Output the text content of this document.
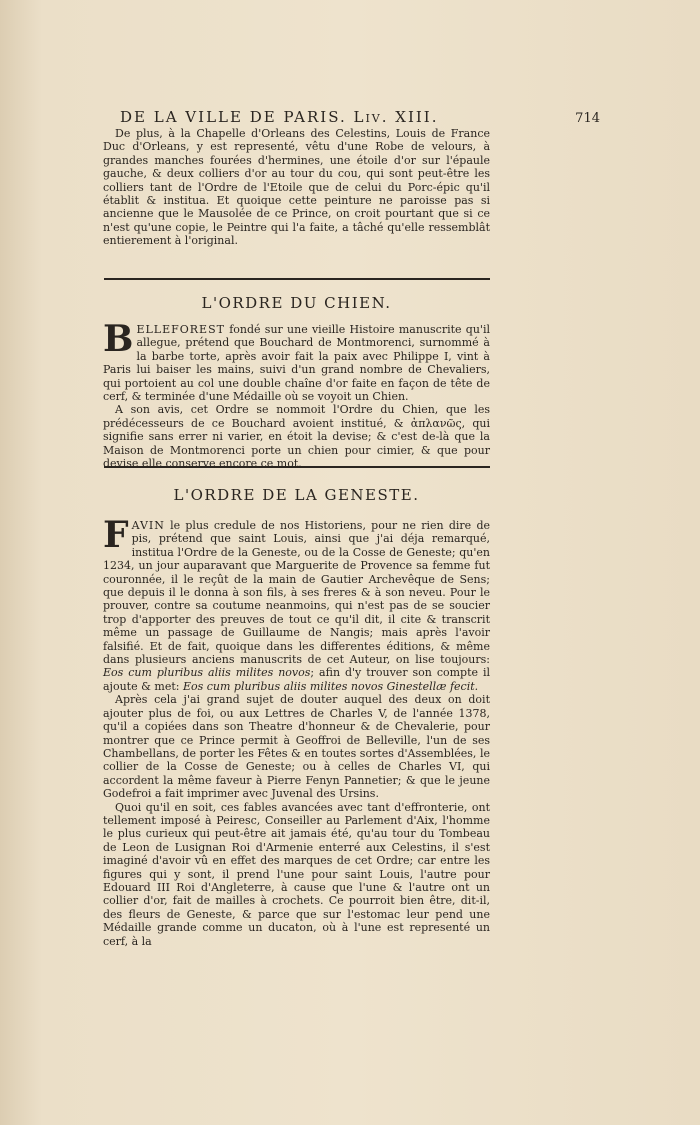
DE LA VILLE DE PARIS. Liv. XIII.	714

De plus, à la Chapelle d'Orleans des Celestins, Louis de France Duc d'Orleans, y est representé, vêtu d'une Robe de velours, à grandes manches fourées d'hermines, une étoile d'or sur l'épaule gauche, & deux colliers d'or au tour du cou, qui sont peut-être les colliers tant de l'Ordre de l'Etoile que de celui du Porc-épic qu'il établit & institua. Et quoique cette peinture ne paroisse pas si ancienne que le Mausolée de ce Prince, on croit pourtant que si ce n'est qu'une copie, le Peintre qui l'a faite, a tâché qu'elle ressemblât entierement à l'original.

L'ORDRE DU CHIEN.

BELLEFOREST fondé sur une vieille Histoire manuscrite qu'il allegue, prétend que Bouchard de Montmorenci, surnommé à la barbe torte, après avoir fait la paix avec Philippe I, vint à Paris lui baiser les mains, suivi d'un grand nombre de Chevaliers, qui portoient au col une double chaîne d'or faite en façon de tête de cerf, & terminée d'une Médaille où se voyoit un Chien.

A son avis, cet Ordre se nommoit l'Ordre du Chien, que les prédécesseurs de ce Bouchard avoient institué, & ἀπλανῶς, qui signifie sans errer ni varier, en étoit la devise; & c'est de-là que la Maison de Montmorenci porte un chien pour cimier, & que pour devise elle conserve encore ce mot.

L'ORDRE DE LA GENESTE.

FAVIN le plus credule de nos Historiens, pour ne rien dire de pis, prétend que saint Louis, ainsi que j'ai déja remarqué, institua l'Ordre de la Geneste, ou de la Cosse de Geneste; qu'en 1234, un jour auparavant que Marguerite de Provence sa femme fut couronnée, il le reçût de la main de Gautier Archevêque de Sens; que depuis il le donna à son fils, à ses freres & à son neveu. Pour le prouver, contre sa coutume neanmoins, qui n'est pas de se soucier trop d'apporter des preuves de tout ce qu'il dit, il cite & transcrit même un passage de Guillaume de Nangis; mais après l'avoir falsifié. Et de fait, quoique dans les differentes éditions, & même dans plusieurs anciens manuscrits de cet Auteur, on lise toujours: Eos cum pluribus aliis milites novos; afin d'y trouver son compte il ajoute & met: Eos cum pluribus aliis milites novos Ginestellæ fecit.

Après cela j'ai grand sujet de douter auquel des deux on doit ajouter plus de foi, ou aux Lettres de Charles V, de l'année 1378, qu'il a copiées dans son Theatre d'honneur & de Chevalerie, pour montrer que ce Prince permit à Geoffroi de Belleville, l'un de ses Chambellans, de porter les Fêtes & en toutes sortes d'Assemblées, le collier de la Cosse de Geneste; ou à celles de Charles VI, qui accordent la même faveur à Pierre Fenyn Pannetier; & que le jeune Godefroi a fait imprimer avec Juvenal des Ursins.

Quoi qu'il en soit, ces fables avancées avec tant d'effronterie, ont tellement imposé à Peiresc, Conseiller au Parlement d'Aix, l'homme le plus curieux qui peut-être ait jamais été, qu'au tour du Tombeau de Leon de Lusignan Roi d'Armenie enterré aux Celestins, il s'est imaginé d'avoir vû en effet des marques de cet Ordre; car entre les figures qui y sont, il prend l'une pour saint Louis, l'autre pour Edouard III Roi d'Angleterre, à cause que l'une & l'autre ont un collier d'or, fait de mailles à crochets. Ce pourroit bien être, dit-il, des fleurs de Geneste, & parce que sur l'estomac leur pend une Médaille grande comme un ducaton, où à l'une est representé un cerf, à la
